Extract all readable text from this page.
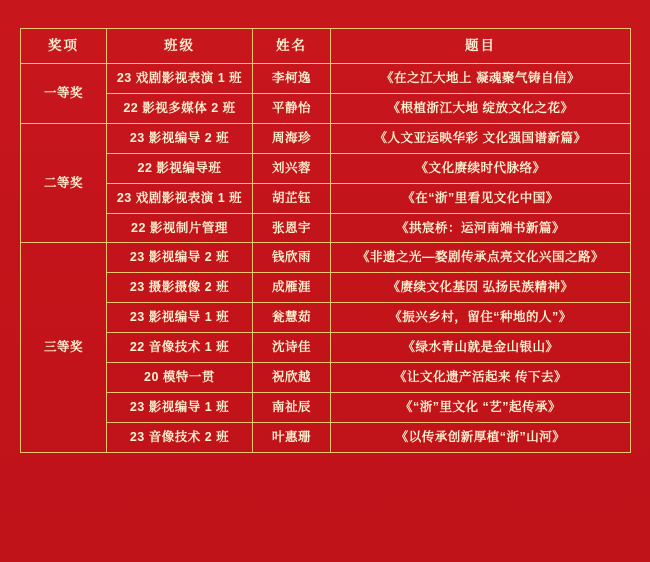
奖项	班级	姓名	题目
一等奖	23 戏剧影视表演 1 班	李柯逸	《在之江大地上 凝魂聚气铸自信》
	22 影视多媒体 2 班	平静怡	《根植浙江大地 绽放文化之花》
二等奖	23 影视编导 2 班	周海珍	《人文亚运映华彩 文化强国谱新篇》
	22 影视编导班	刘兴蓉	《文化赓续时代脉络》
	23 戏剧影视表演 1 班	胡芷钰	《在“浙”里看见文化中国》
	22 影视制片管理	张恩宇	《拱宸桥：运河南端书新篇》
三等奖	23 影视编导 2 班	钱欣雨	《非遗之光—婺剧传承点亮文化兴国之路》
	23 摄影摄像 2 班	成雁涯	《赓续文化基因 弘扬民族精神》
	23 影视编导 1 班	瓮慧茹	《振兴乡村，留住“种地的人”》
	22 音像技术 1 班	沈诗佳	《绿水青山就是金山银山》
	20 模特一贯	祝欣越	《让文化遗产活起来 传下去》
	23 影视编导 1 班	南祉辰	《“浙”里文化 “艺”起传承》
	23 音像技术 2 班	叶惠珊	《以传承创新厚植“浙”山河》
